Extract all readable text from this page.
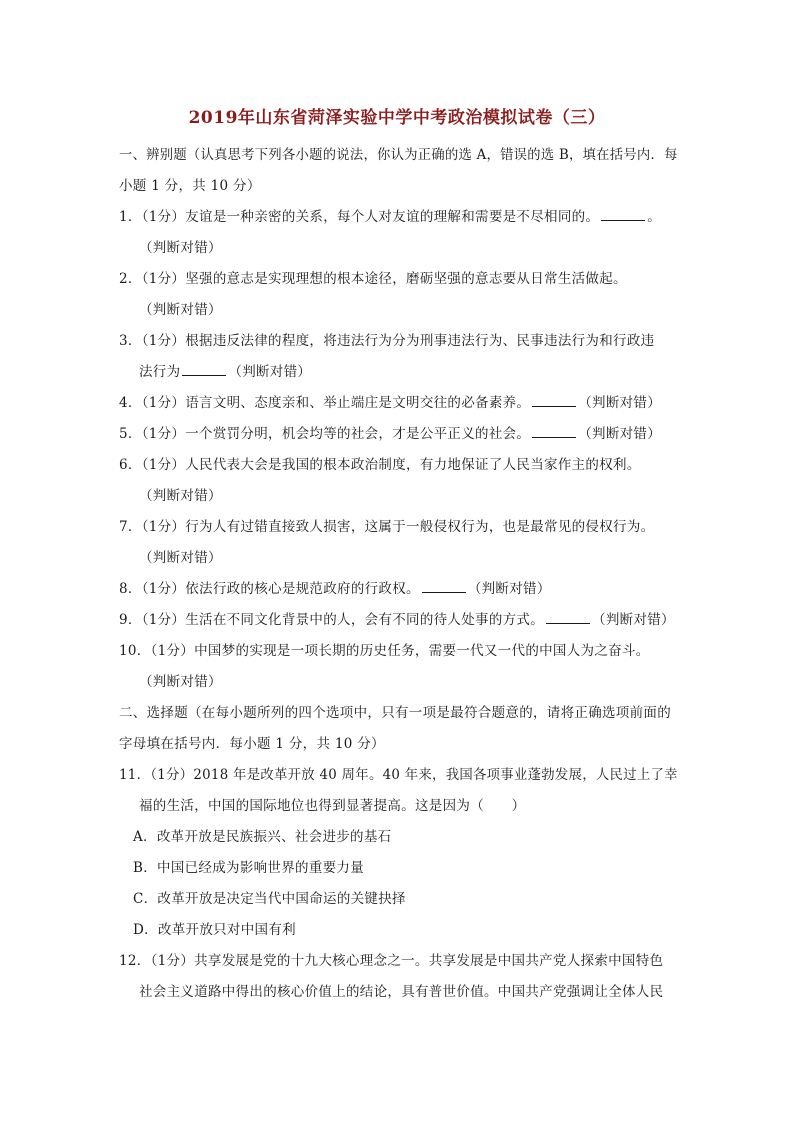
2019年山东省菏泽实验中学中考政治模拟试卷（三）
一、辨别题（认真思考下列各小题的说法，你认为正确的选 A，错误的选 B，填在括号内．每
小题 1 分，共 10 分）
1．（1分）友谊是一种亲密的关系，每个人对友谊的理解和需要是不尽相同的。	。
（判断对错）
2．（1分）坚强的意志是实现理想的根本途径，磨砺坚强的意志要从日常生活做起。
（判断对错）
3．（1分）根据违反法律的程度，将违法行为分为刑事违法行为、民事违法行为和行政违
法行为	（判断对错）
4．（1分）语言文明、态度亲和、举止端庄是文明交往的必备素养。	（判断对错）
5．（1分）一个赏罚分明，机会均等的社会，才是公平正义的社会。	（判断对错）
6．（1分）人民代表大会是我国的根本政治制度，有力地保证了人民当家作主的权利。
（判断对错）
7．（1分）行为人有过错直接致人损害，这属于一般侵权行为，也是最常见的侵权行为。
（判断对错）
8．（1分）依法行政的核心是规范政府的行政权。	（判断对错）
9．（1分）生活在不同文化背景中的人，会有不同的待人处事的方式。	（判断对错）
10．（1分）中国梦的实现是一项长期的历史任务，需要一代又一代的中国人为之奋斗。
（判断对错）
二、选择题（在每小题所列的四个选项中，只有一项是最符合题意的，请将正确选项前面的
字母填在括号内．每小题 1 分，共 10 分）
11．（1分）2018 年是改革开放 40 周年。40 年来，我国各项事业蓬勃发展，人民过上了幸
福的生活，中国的国际地位也得到显著提高。这是因为（　　）
A．改革开放是民族振兴、社会进步的基石
B．中国已经成为影响世界的重要力量
C．改革开放是决定当代中国命运的关键抉择
D．改革开放只对中国有利
12．（1分）共享发展是党的十九大核心理念之一。共享发展是中国共产党人探索中国特色
社会主义道路中得出的核心价值上的结论，具有普世价值。中国共产党强调让全体人民
